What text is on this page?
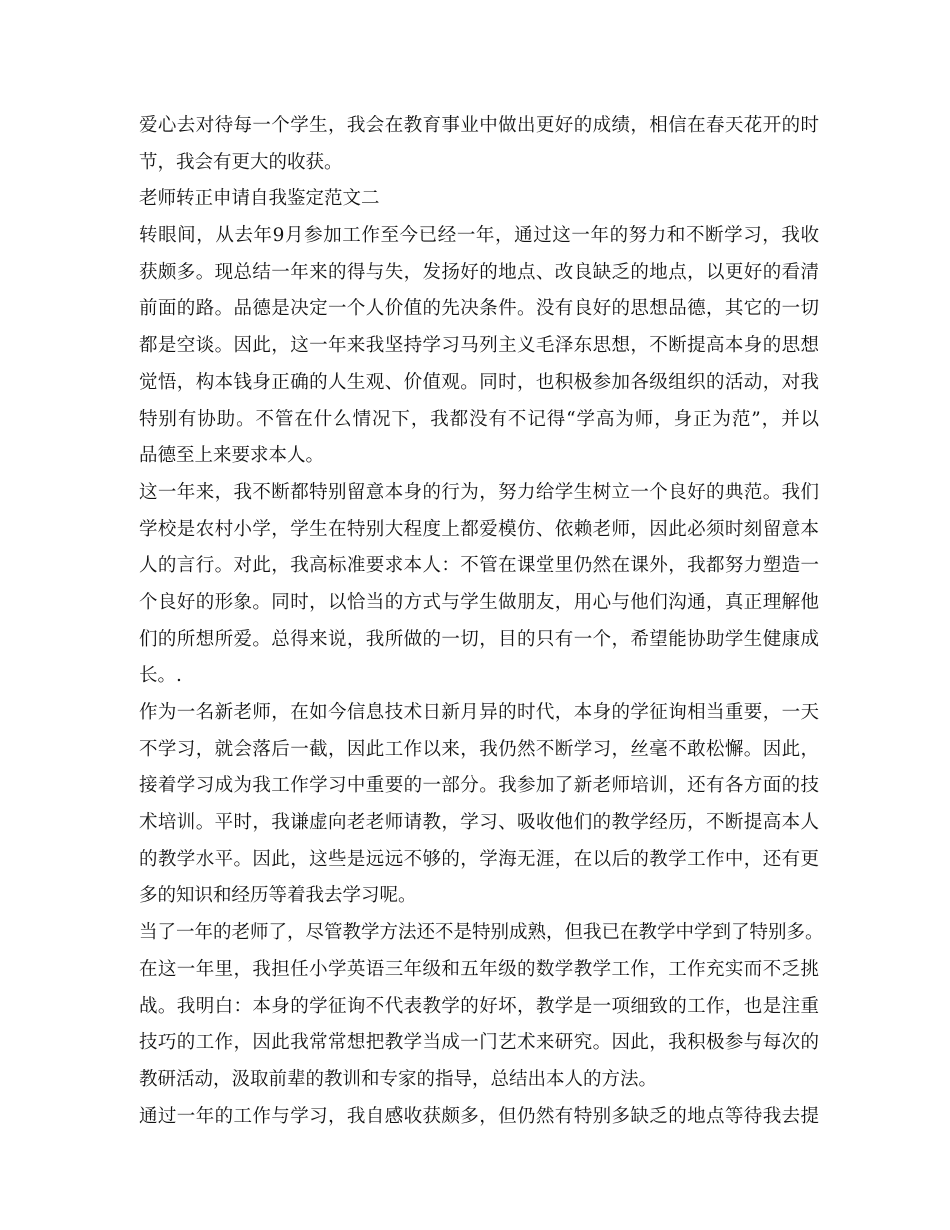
爱心去对待每一个学生，我会在教育事业中做出更好的成绩，相信在春天花开的时
节，我会有更大的收获。
老师转正申请自我鉴定范文二
转眼间，从去年9月参加工作至今已经一年，通过这一年的努力和不断学习，我收
获颇多。现总结一年来的得与失，发扬好的地点、改良缺乏的地点，以更好的看清
前面的路。品德是决定一个人价值的先决条件。没有良好的思想品德，其它的一切
都是空谈。因此，这一年来我坚持学习马列主义毛泽东思想，不断提高本身的思想
觉悟，构本钱身正确的人生观、价值观。同时，也积极参加各级组织的活动，对我
特别有协助。不管在什么情况下，我都没有不记得“学高为师，身正为范”，并以
品德至上来要求本人。
这一年来，我不断都特别留意本身的行为，努力给学生树立一个良好的典范。我们
学校是农村小学，学生在特别大程度上都爱模仿、依赖老师，因此必须时刻留意本
人的言行。对此，我高标准要求本人：不管在课堂里仍然在课外，我都努力塑造一
个良好的形象。同时，以恰当的方式与学生做朋友，用心与他们沟通，真正理解他
们的所想所爱。总得来说，我所做的一切，目的只有一个，希望能协助学生健康成
长。.
作为一名新老师，在如今信息技术日新月异的时代，本身的学征询相当重要，一天
不学习，就会落后一截，因此工作以来，我仍然不断学习，丝毫不敢松懈。因此，
接着学习成为我工作学习中重要的一部分。我参加了新老师培训，还有各方面的技
术培训。平时，我谦虚向老老师请教，学习、吸收他们的教学经历，不断提高本人
的教学水平。因此，这些是远远不够的，学海无涯，在以后的教学工作中，还有更
多的知识和经历等着我去学习呢。
当了一年的老师了，尽管教学方法还不是特别成熟，但我已在教学中学到了特别多。
在这一年里，我担任小学英语三年级和五年级的数学教学工作，工作充实而不乏挑
战。我明白：本身的学征询不代表教学的好坏，教学是一项细致的工作，也是注重
技巧的工作，因此我常常想把教学当成一门艺术来研究。因此，我积极参与每次的
教研活动，汲取前辈的教训和专家的指导，总结出本人的方法。
通过一年的工作与学习，我自感收获颇多，但仍然有特别多缺乏的地点等待我去提
